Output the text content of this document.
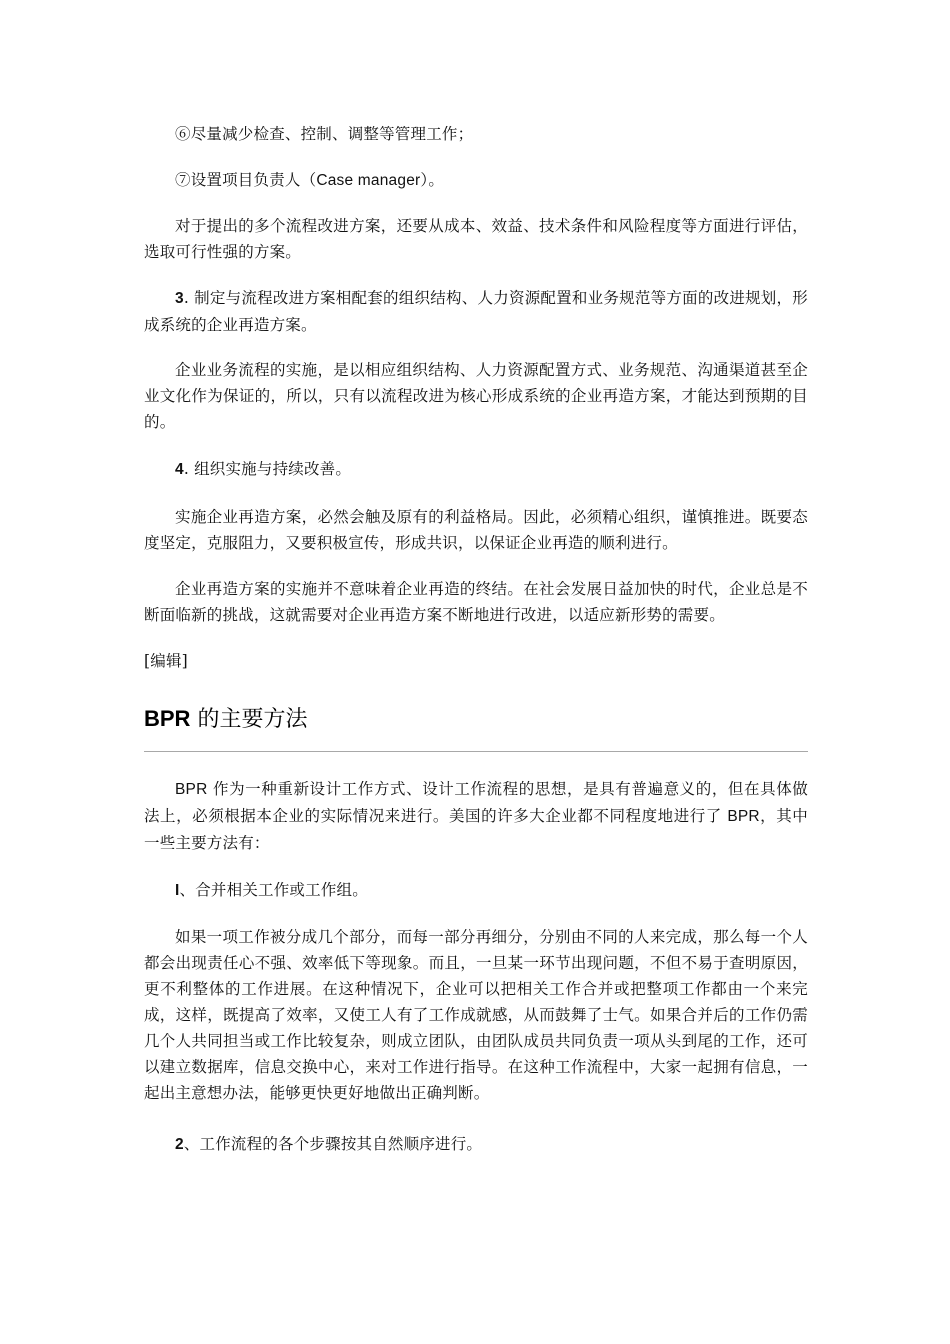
⑥尽量减少检查、控制、调整等管理工作；

⑦设置项目负责人（Case manager）。

对于提出的多个流程改进方案，还要从成本、效益、技术条件和风险程度等方面进行评估，选取可行性强的方案。

3. 制定与流程改进方案相配套的组织结构、人力资源配置和业务规范等方面的改进规划，形成系统的企业再造方案。

企业业务流程的实施，是以相应组织结构、人力资源配置方式、业务规范、沟通渠道甚至企业文化作为保证的，所以，只有以流程改进为核心形成系统的企业再造方案，才能达到预期的目的。

4. 组织实施与持续改善。

实施企业再造方案，必然会触及原有的利益格局。因此，必须精心组织，谨慎推进。既要态度坚定，克服阻力，又要积极宣传，形成共识，以保证企业再造的顺利进行。

企业再造方案的实施并不意味着企业再造的终结。在社会发展日益加快的时代，企业总是不断面临新的挑战，这就需要对企业再造方案不断地进行改进，以适应新形势的需要。

[编辑]

BPR 的主要方法

BPR 作为一种重新设计工作方式、设计工作流程的思想，是具有普遍意义的，但在具体做法上，必须根据本企业的实际情况来进行。美国的许多大企业都不同程度地进行了 BPR，其中一些主要方法有：

I、合并相关工作或工作组。

如果一项工作被分成几个部分，而每一部分再细分，分别由不同的人来完成，那么每一个人都会出现责任心不强、效率低下等现象。而且，一旦某一环节出现问题，不但不易于查明原因，更不利整体的工作进展。在这种情况下，企业可以把相关工作合并或把整项工作都由一个来完成，这样，既提高了效率，又使工人有了工作成就感，从而鼓舞了士气。如果合并后的工作仍需几个人共同担当或工作比较复杂，则成立团队，由团队成员共同负责一项从头到尾的工作，还可以建立数据库，信息交换中心，来对工作进行指导。在这种工作流程中，大家一起拥有信息，一起出主意想办法，能够更快更好地做出正确判断。

2、工作流程的各个步骤按其自然顺序进行。
